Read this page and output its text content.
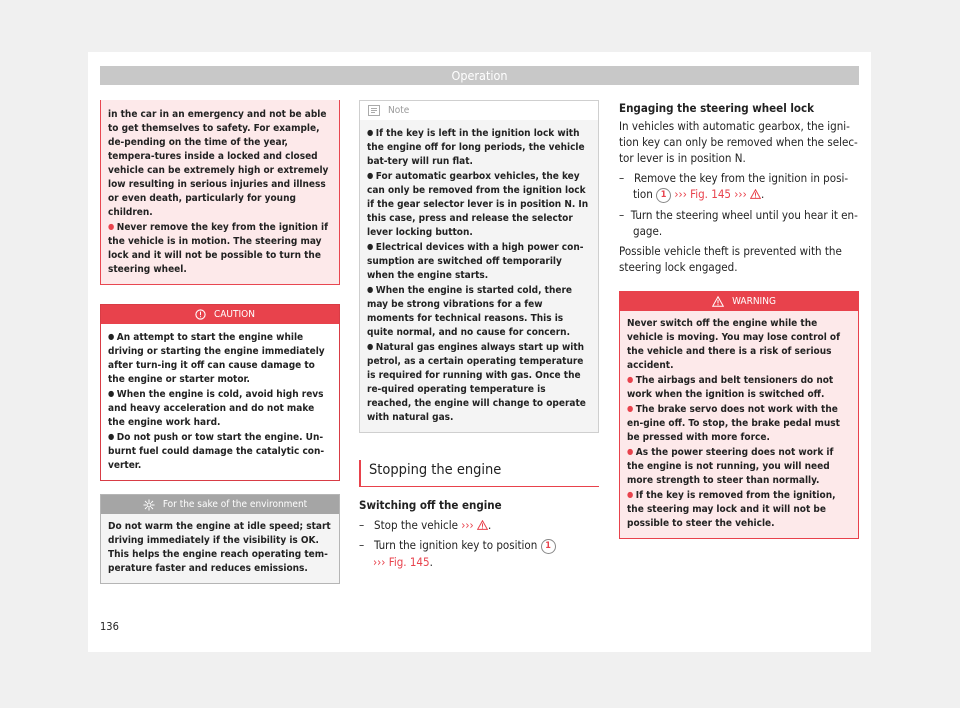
Operation

in the car in an emergency and not be able to get themselves to safety. For example, de-pending on the time of the year, tempera-tures inside a locked and closed vehicle can be extremely high or extremely low resulting in serious injuries and illness or even death, particularly for young children.

● Never remove the key from the ignition if the vehicle is in motion. The steering may lock and it will not be possible to turn the steering wheel.

CAUTION

● An attempt to start the engine while driving or starting the engine immediately after turn-ing it off can cause damage to the engine or starter motor.

● When the engine is cold, avoid high revs and heavy acceleration and do not make the engine work hard.

● Do not push or tow start the engine. Un-burnt fuel could damage the catalytic con-verter.

For the sake of the environment

Do not warm the engine at idle speed; start driving immediately if the visibility is OK. This helps the engine reach operating tem-perature faster and reduces emissions.

Note

● If the key is left in the ignition lock with the engine off for long periods, the vehicle bat-tery will run flat.

● For automatic gearbox vehicles, the key can only be removed from the ignition lock if the gear selector lever is in position N. In this case, press and release the selector lever locking button.

● Electrical devices with a high power con-sumption are switched off temporarily when the engine starts.

● When the engine is started cold, there may be strong vibrations for a few moments for technical reasons. This is quite normal, and no cause for concern.

● Natural gas engines always start up with petrol, as a certain operating temperature is required for running with gas. Once the re-quired operating temperature is reached, the engine will change to operate with natural gas.

Stopping the engine
Switching off the engine
–  Stop the vehicle ››› .
–  Turn the ignition key to position 1
››› Fig. 145.
Engaging the steering wheel lock

In vehicles with automatic gearbox, the igni-tion key can only be removed when the selec-tor lever is in position N.

–  Remove the key from the ignition in posi-tion 1 ››› Fig. 145 ››› .
–  Turn the steering wheel until you hear it en-gage.

Possible vehicle theft is prevented with the steering lock engaged.

WARNING

Never switch off the engine while the vehicle is moving. You may lose control of the vehicle and there is a risk of serious accident.

● The airbags and belt tensioners do not work when the ignition is switched off.

● The brake servo does not work with the en-gine off. To stop, the brake pedal must be pressed with more force.

● As the power steering does not work if the engine is not running, you will need more strength to steer than normally.

● If the key is removed from the ignition, the steering may lock and it will not be possible to steer the vehicle.

136
